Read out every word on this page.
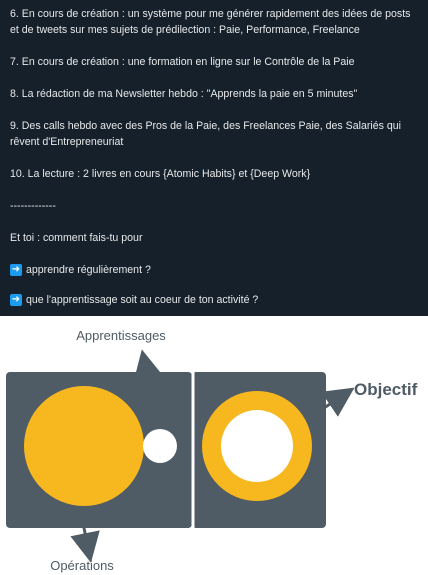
6. En cours de création : un système pour me générer rapidement des idées de posts et de tweets sur mes sujets de prédilection : Paie, Performance, Freelance
7. En cours de création : une formation en ligne sur le Contrôle de la Paie
8. La rédaction de ma Newsletter hebdo : "Apprends la paie en 5 minutes"
9. Des calls hebdo avec des Pros de la Paie, des Freelances Paie, des Salariés qui rêvent d'Entrepreneuriat
10. La lecture : 2 livres en cours {Atomic Habits} et {Deep Work}
-------------
Et toi : comment fais-tu pour
➜ apprendre régulièrement ?
➜ que l'apprentissage soit au coeur de ton activité ?
Apprentissages
Opérations
Objectif
